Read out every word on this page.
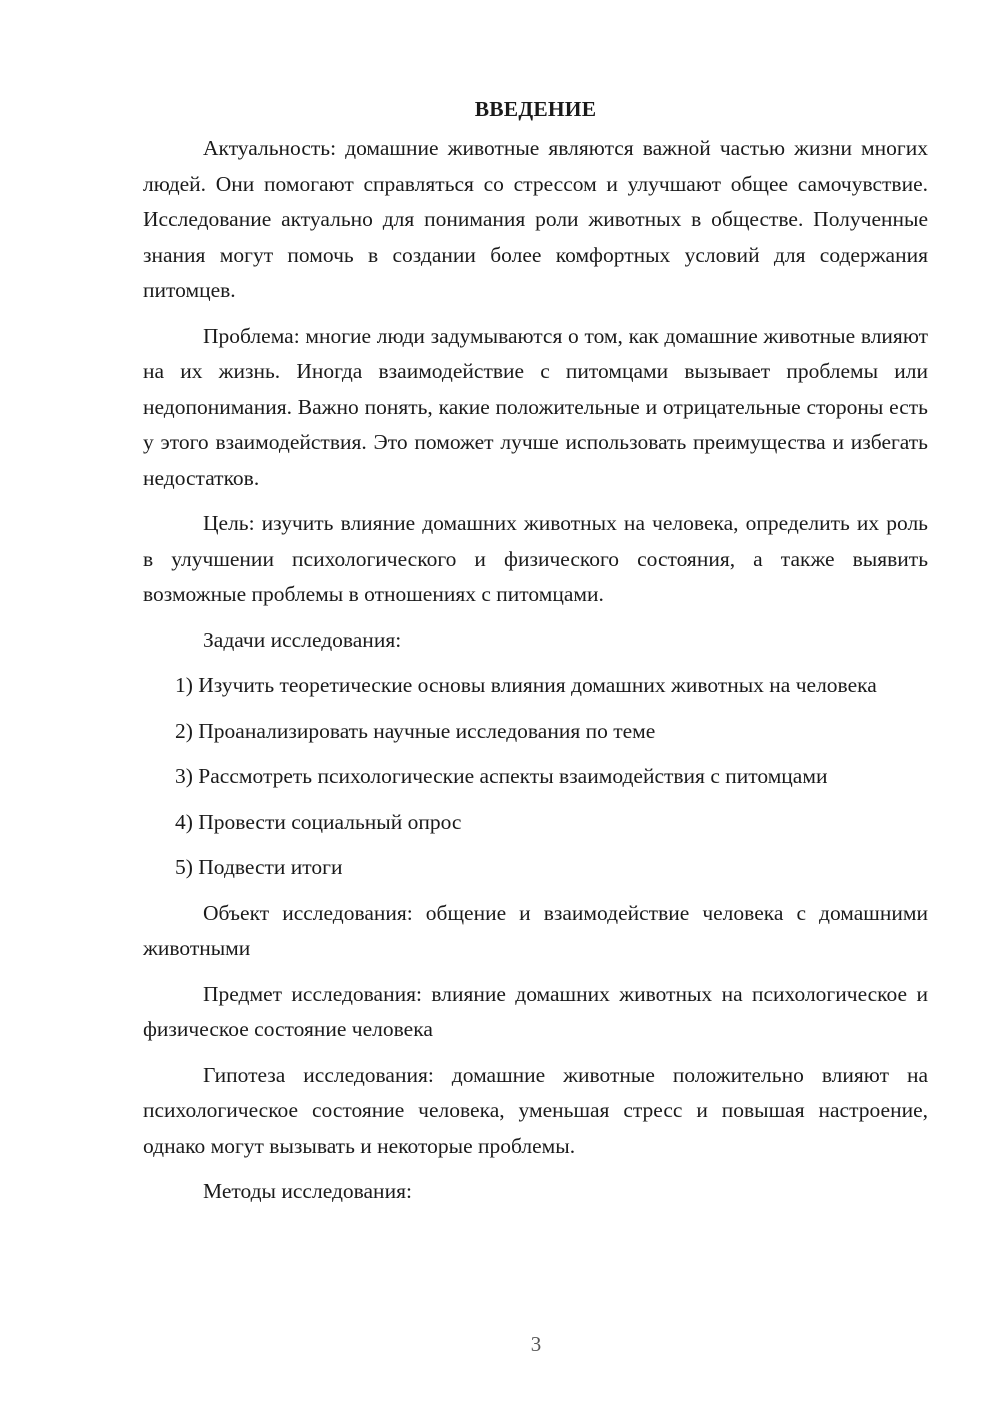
ВВЕДЕНИЕ

Актуальность: домашние животные являются важной частью жизни многих людей. Они помогают справляться со стрессом и улучшают общее самочувствие. Исследование актуально для понимания роли животных в обществе. Полученные знания могут помочь в создании более комфортных условий для содержания питомцев.

Проблема: многие люди задумываются о том, как домашние животные влияют на их жизнь. Иногда взаимодействие с питомцами вызывает проблемы или недопонимания. Важно понять, какие положительные и отрицательные стороны есть у этого взаимодействия. Это поможет лучше использовать преимущества и избегать недостатков.

Цель: изучить влияние домашних животных на человека, определить их роль в улучшении психологического и физического состояния, а также выявить возможные проблемы в отношениях с питомцами.

Задачи исследования:

1) Изучить теоретические основы влияния домашних животных на человека

2) Проанализировать научные исследования по теме

3) Рассмотреть психологические аспекты взаимодействия с питомцами

4) Провести социальный опрос

5) Подвести итоги

Объект исследования: общение и взаимодействие человека с домашними животными

Предмет исследования: влияние домашних животных на психологическое и физическое состояние человека

Гипотеза исследования: домашние животные положительно влияют на психологическое состояние человека, уменьшая стресс и повышая настроение, однако могут вызывать и некоторые проблемы.

Методы исследования:

3
